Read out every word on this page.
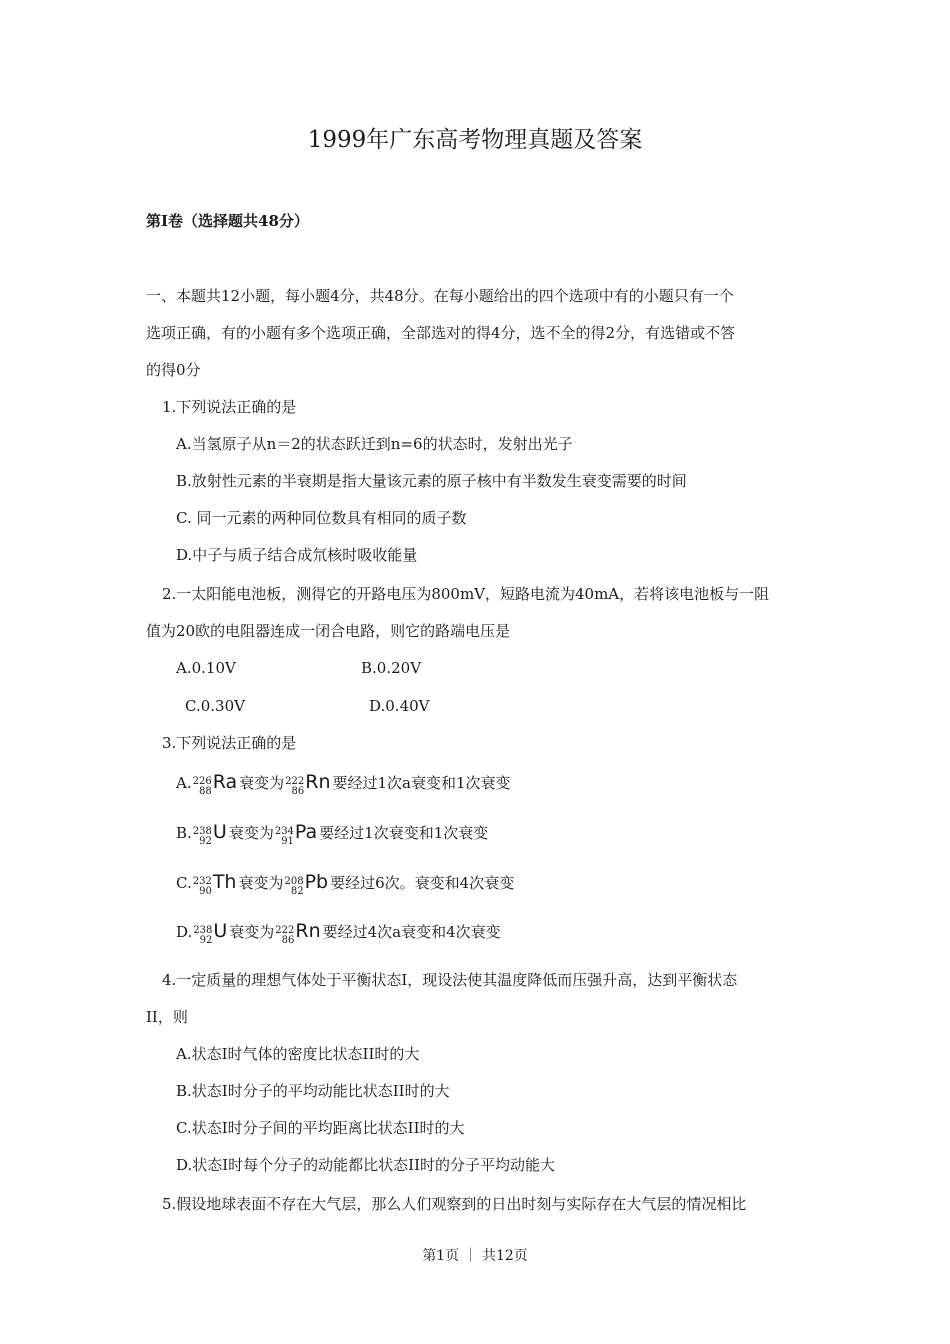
1999年广东高考物理真题及答案
第Ⅰ卷（选择题共48分）
一、本题共12小题，每小题4分，共48分。在每小题给出的四个选项中有的小题只有一个
选项正确，有的小题有多个选项正确，全部选对的得4分，选不全的得2分，有选错或不答
的得0分
1.下列说法正确的是
A.当氢原子从n＝2的状态跃迁到n=6的状态时，发射出光子
B.放射性元素的半衰期是指大量该元素的原子核中有半数发生衰变需要的时间
C. 同一元素的两种同位数具有相同的质子数
D.中子与质子结合成氘核时吸收能量
2.一太阳能电池板，测得它的开路电压为800mV，短路电流为40mA，若将该电池板与一阻
值为20欧的电阻器连成一闭合电路，则它的路端电压是
A.0.10V	B.0.20V
C.0.30V	D.0.40V
3.下列说法正确的是
A. 226
88 Ra 衰变为 222
86 Rn 要经过1次a衰变和1次衰变
B. 238
92 U 衰变为 234
91 Pa 要经过1次衰变和1次衰变
C. 232
90 Th 衰变为 208
82 Pb 要经过6次。衰变和4次衰变
D. 238
92 U 衰变为 222
86 Rn 要经过4次a衰变和4次衰变
4.一定质量的理想气体处于平衡状态I，现设法使其温度降低而压强升高，达到平衡状态
II，则
A.状态I时气体的密度比状态II时的大
B.状态I时分子的平均动能比状态II时的大
C.状态I时分子间的平均距离比状态II时的大
D.状态I时每个分子的动能都比状态II时的分子平均动能大
5.假设地球表面不存在大气层，那么人们观察到的日出时刻与实际存在大气层的情况相比
第1页 ｜ 共12页
